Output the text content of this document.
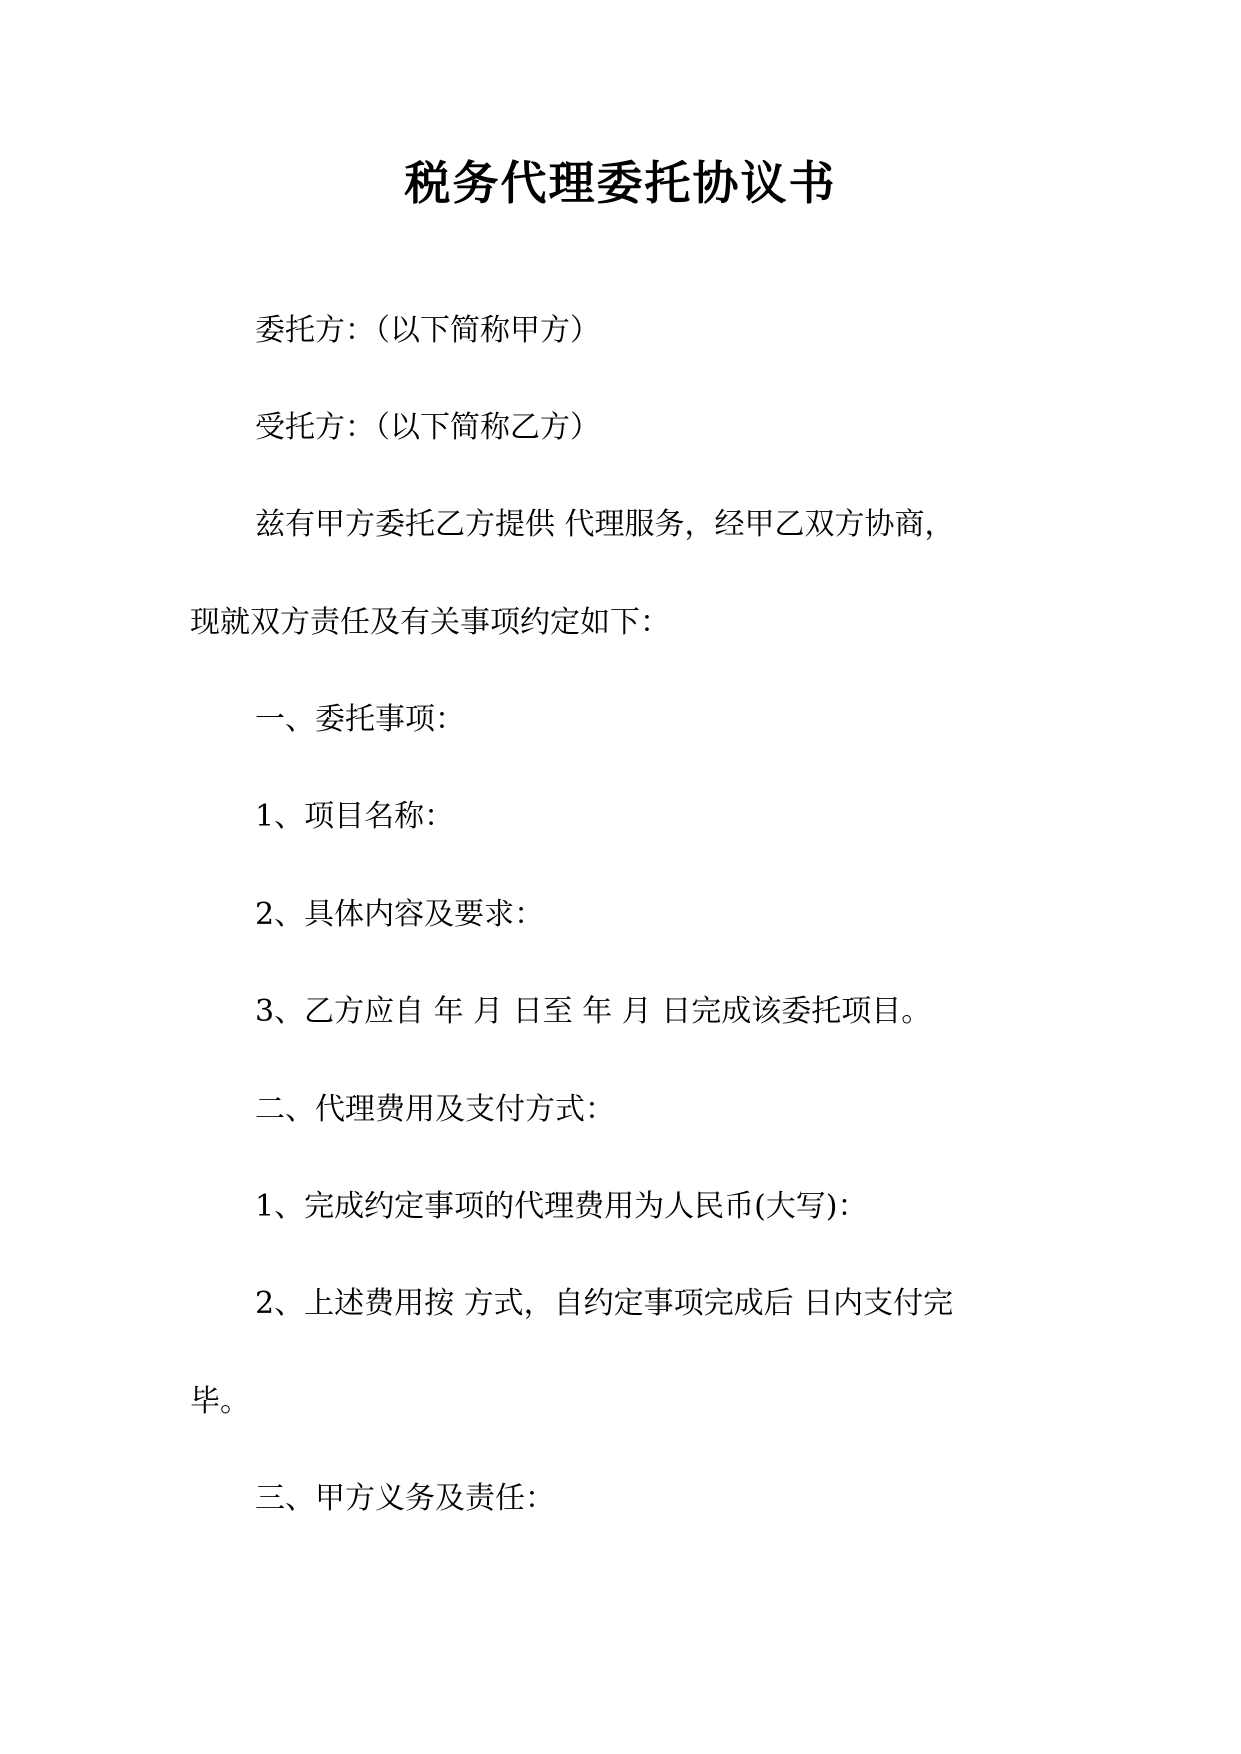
税务代理委托协议书

委托方：（以下简称甲方）

受托方：（以下简称乙方）

兹有甲方委托乙方提供 代理服务，经甲乙双方协商，

现就双方责任及有关事项约定如下：

一、委托事项：

1、项目名称：

2、具体内容及要求：

3、乙方应自 年 月 日至 年 月 日完成该委托项目。

二、代理费用及支付方式：

1、完成约定事项的代理费用为人民币(大写)：

2、上述费用按 方式，自约定事项完成后 日内支付完

毕。

三、甲方义务及责任：
